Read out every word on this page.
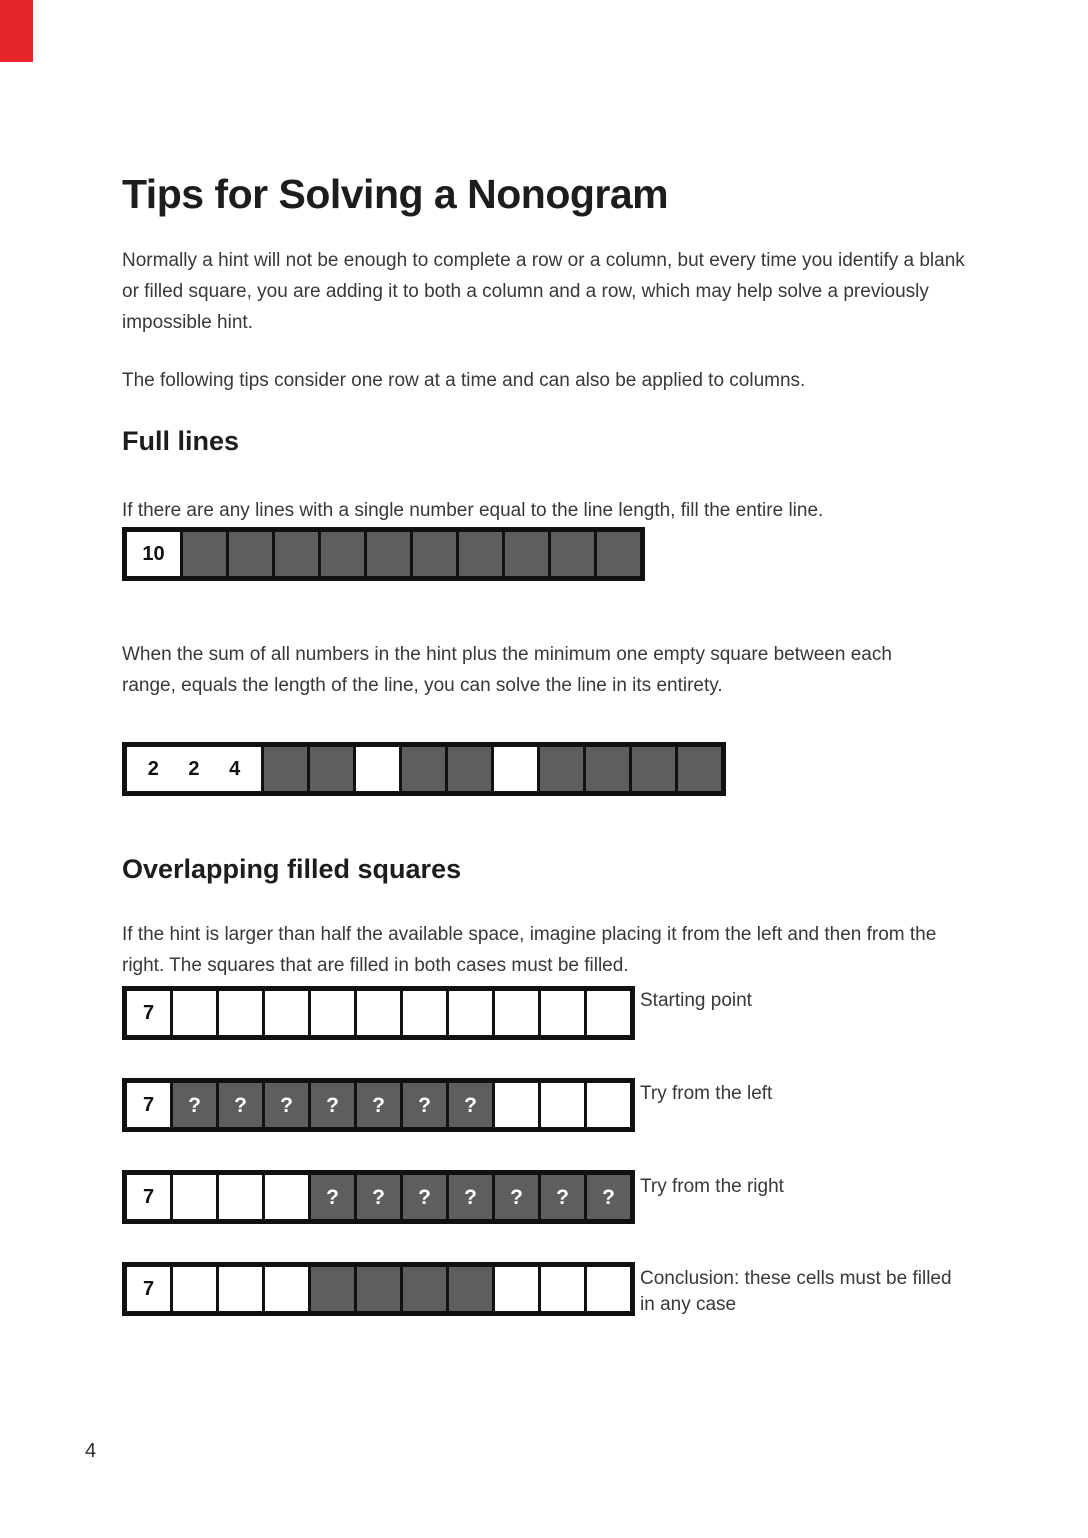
Tips for Solving a Nonogram

Normally a hint will not be enough to complete a row or a column, but every time you identify a blank or filled square, you are adding it to both a column and a row, which may help solve a previously impossible hint.

The following tips consider one row at a time and can also be applied to columns.

Full lines

If there are any lines with a single number equal to the line length, fill the entire line.

10

When the sum of all numbers in the hint plus the minimum one empty square between each range, equals the length of the line, you can solve the line in its entirety.

2 2 4
Overlapping filled squares

If the hint is larger than half the available space, imagine placing it from the left and then from the right. The squares that are filled in both cases must be filled.

7
Starting point
7 ? ? ? ? ? ? ?	Try from the left
7	? ? ? ? ? ? ? Try from the right
7	Conclusion: these cells must be filled in any case
4
